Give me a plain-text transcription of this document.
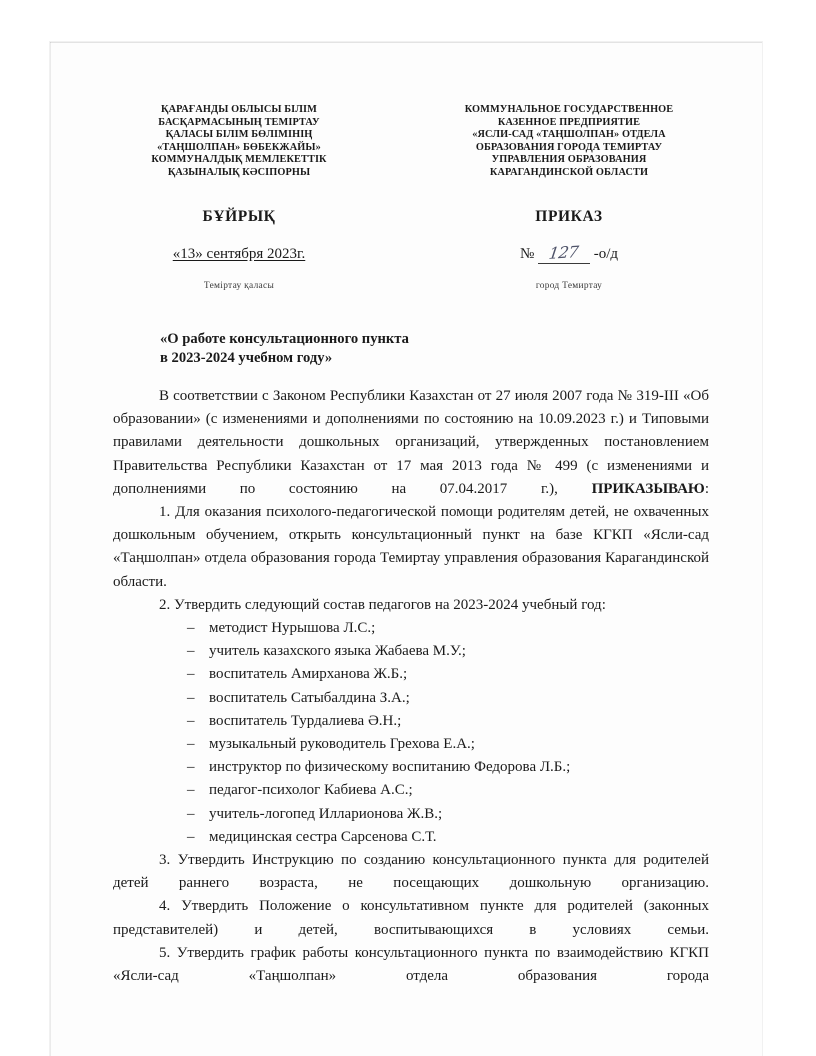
ҚАРАҒАНДЫ ОБЛЫСЫ БІЛІМ
БАСҚАРМАСЫНЫҢ ТЕМІРТАУ
ҚАЛАСЫ БІЛІМ БӨЛІМІНІҢ
«ТАҢШОЛПАН» БӨБЕКЖАЙЫ»
КОММУНАЛДЫҚ МЕМЛЕКЕТТІК
ҚАЗЫНАЛЫҚ КӘСІПОРНЫ
КОММУНАЛЬНОЕ ГОСУДАРСТВЕННОЕ
КАЗЕННОЕ ПРЕДПРИЯТИЕ
«ЯСЛИ-САД «ТАҢШОЛПАН» ОТДЕЛА
ОБРАЗОВАНИЯ ГОРОДА ТЕМИРТАУ
УПРАВЛЕНИЯ ОБРАЗОВАНИЯ
КАРАГАНДИНСКОЙ ОБЛАСТИ
БҰЙРЫҚ	ПРИКАЗ
«13» сентября 2023г.	№ 127 -о/д
Теміртау қаласы	город Темиртау
«О работе консультационного пункта
в 2023-2024 учебном году»

В соответствии с Законом Республики Казахстан от 27 июля 2007 года № 319-III «Об образовании» (с изменениями и дополнениями по состоянию на 10.09.2023 г.) и Типовыми правилами деятельности дошкольных организаций, утвержденных постановлением Правительства Республики Казахстан от 17 мая 2013 года № 499 (с изменениями и дополнениями по состоянию на 07.04.2017 г.), ПРИКАЗЫВАЮ:

1. Для оказания психолого-педагогической помощи родителям детей, не охваченных дошкольным обучением, открыть консультационный пункт на базе КГКП «Ясли-сад «Таңшолпан» отдела образования города Темиртау управления образования Карагандинской области.

2. Утвердить следующий состав педагогов на 2023-2024 учебный год:

– методист Нурышова Л.С.;
– учитель казахского языка Жабаева М.У.;
– воспитатель Амирханова Ж.Б.;
– воспитатель Сатыбалдина З.А.;
– воспитатель Турдалиева Ә.Н.;
– музыкальный руководитель Грехова Е.А.;
– инструктор по физическому воспитанию Федорова Л.Б.;
– педагог-психолог Кабиева А.С.;
– учитель-логопед Илларионова Ж.В.;
– медицинская сестра Сарсенова С.Т.

3. Утвердить Инструкцию по созданию консультационного пункта для родителей детей раннего возраста, не посещающих дошкольную организацию.

4. Утвердить Положение о консультативном пункте для родителей (законных представителей) и детей, воспитывающихся в условиях семьи.

5. Утвердить график работы консультационного пункта по взаимодействию КГКП «Ясли-сад «Таңшолпан» отдела образования города
